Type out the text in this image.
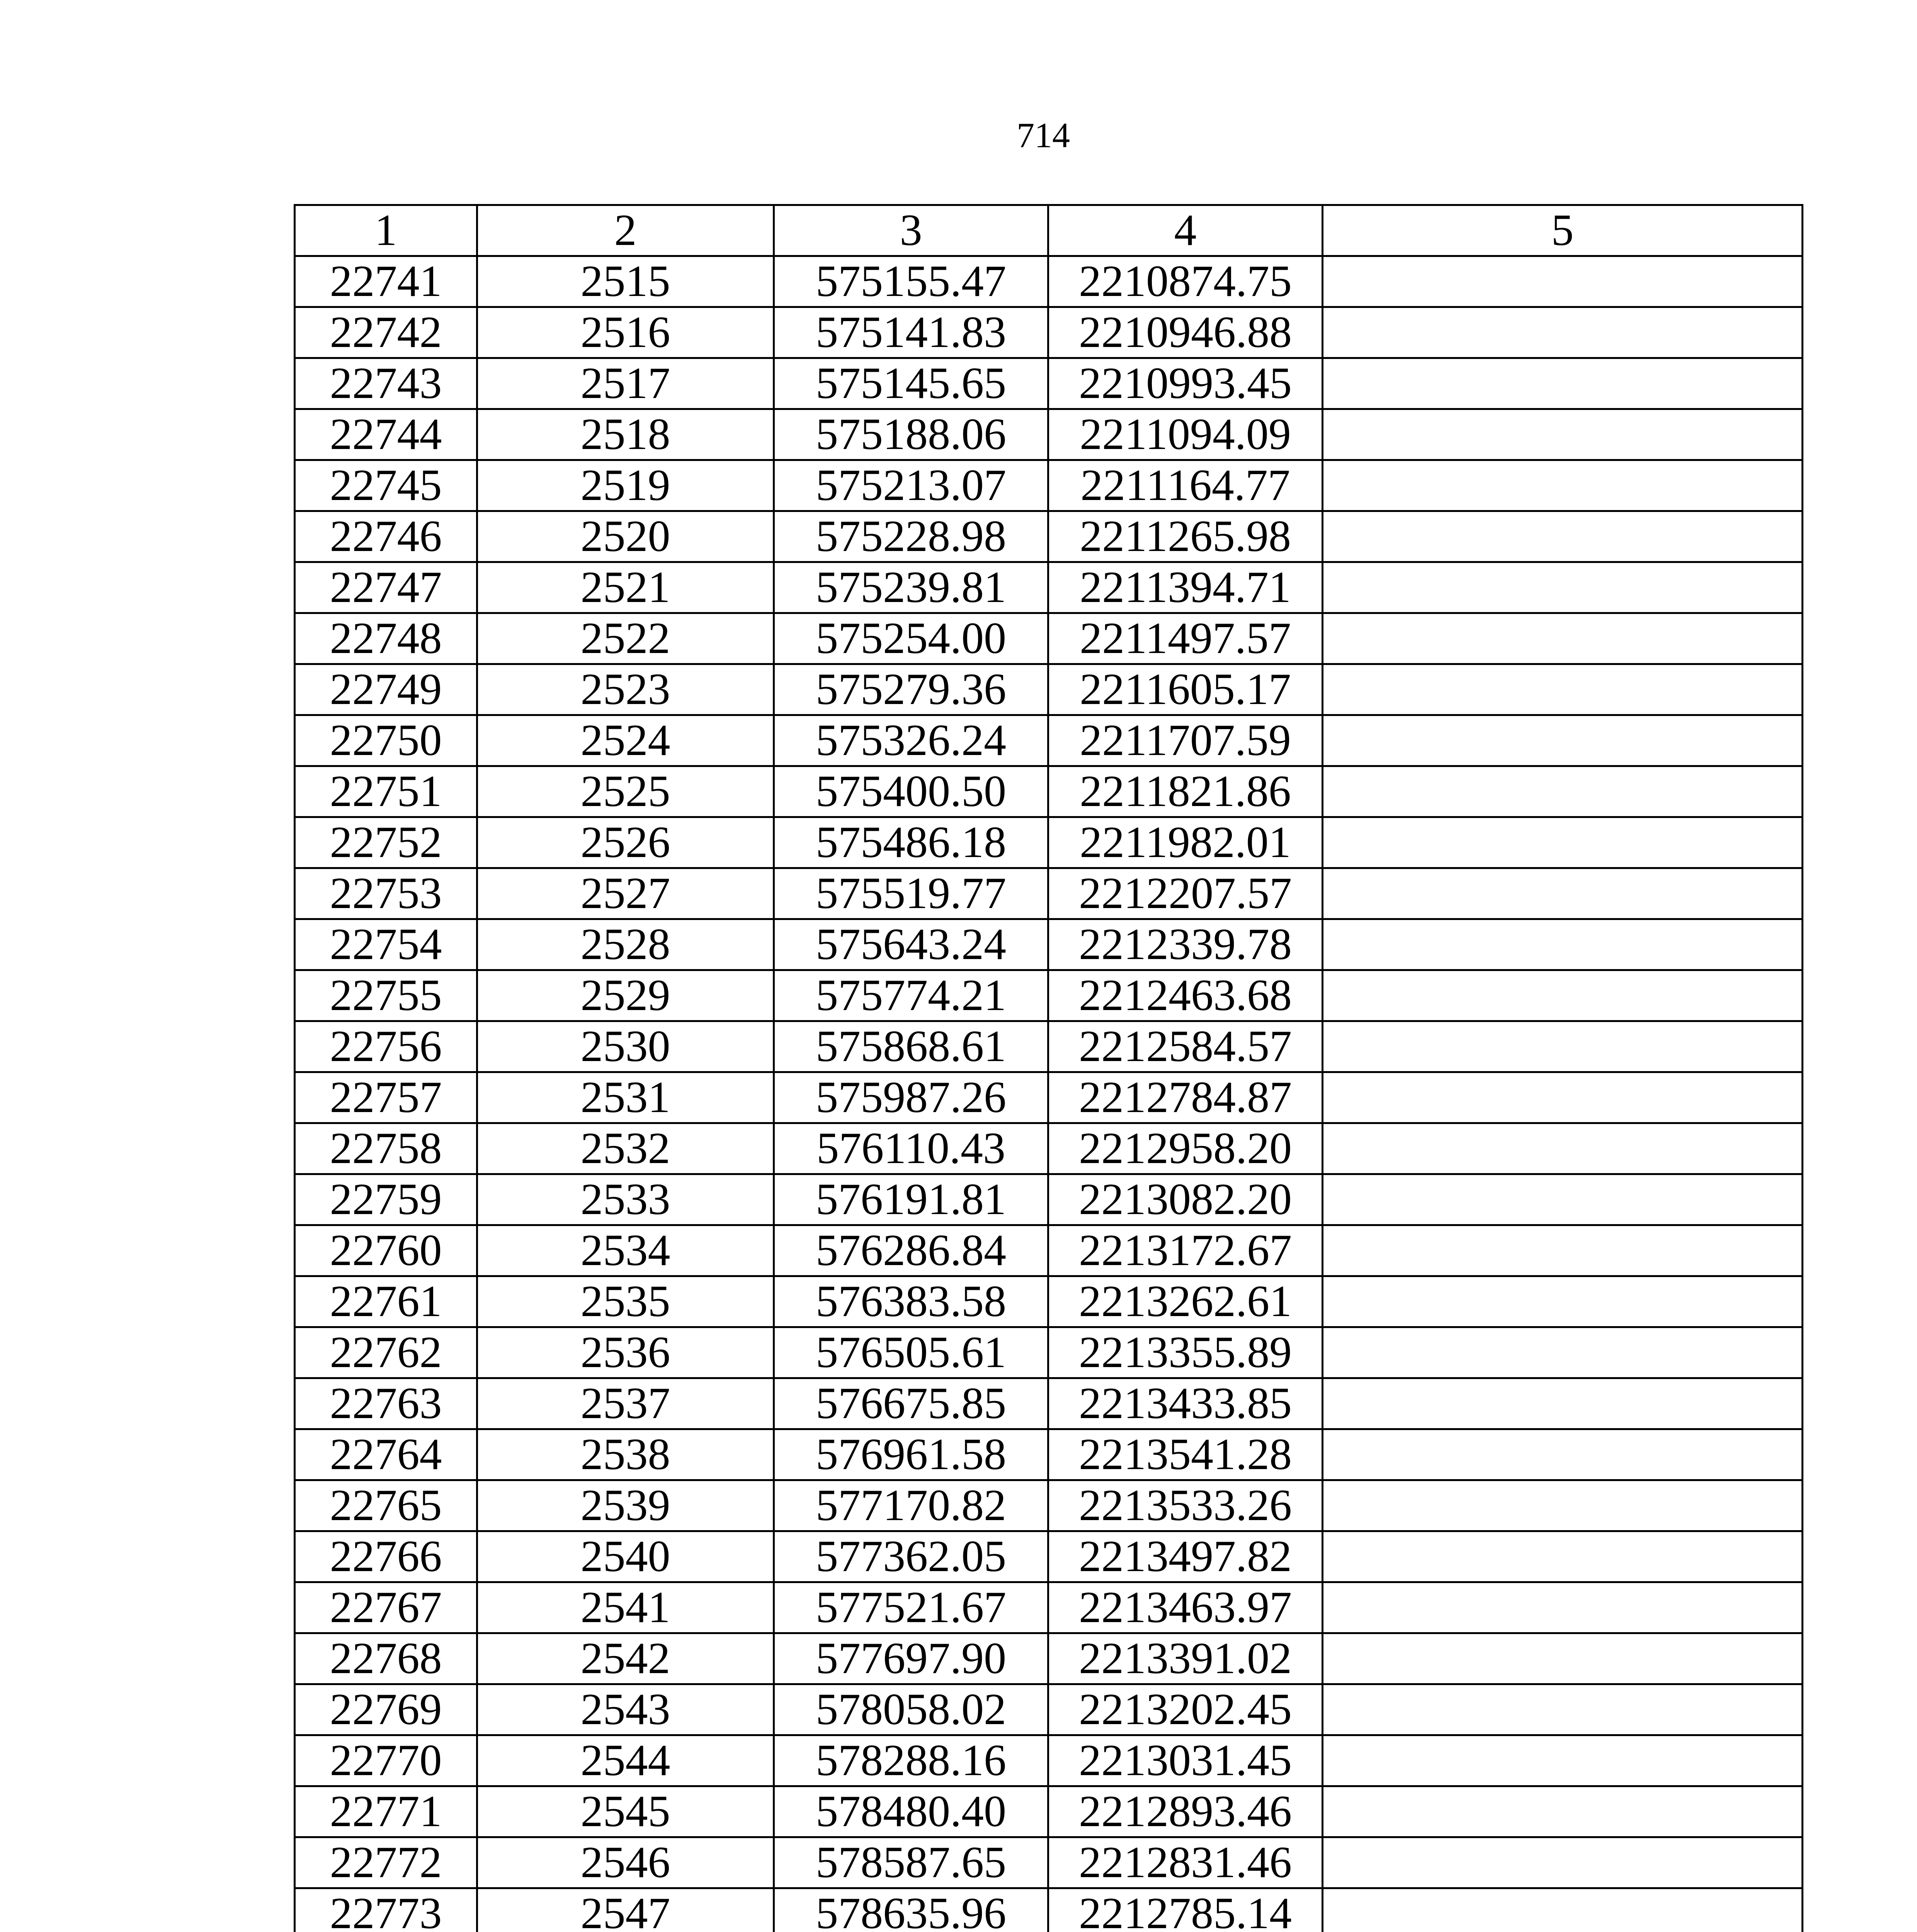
714
1	2	3	4	5
22741	2515	575155.47	2210874.75	
22742	2516	575141.83	2210946.88	
22743	2517	575145.65	2210993.45	
22744	2518	575188.06	2211094.09	
22745	2519	575213.07	2211164.77	
22746	2520	575228.98	2211265.98	
22747	2521	575239.81	2211394.71	
22748	2522	575254.00	2211497.57	
22749	2523	575279.36	2211605.17	
22750	2524	575326.24	2211707.59	
22751	2525	575400.50	2211821.86	
22752	2526	575486.18	2211982.01	
22753	2527	575519.77	2212207.57	
22754	2528	575643.24	2212339.78	
22755	2529	575774.21	2212463.68	
22756	2530	575868.61	2212584.57	
22757	2531	575987.26	2212784.87	
22758	2532	576110.43	2212958.20	
22759	2533	576191.81	2213082.20	
22760	2534	576286.84	2213172.67	
22761	2535	576383.58	2213262.61	
22762	2536	576505.61	2213355.89	
22763	2537	576675.85	2213433.85	
22764	2538	576961.58	2213541.28	
22765	2539	577170.82	2213533.26	
22766	2540	577362.05	2213497.82	
22767	2541	577521.67	2213463.97	
22768	2542	577697.90	2213391.02	
22769	2543	578058.02	2213202.45	
22770	2544	578288.16	2213031.45	
22771	2545	578480.40	2212893.46	
22772	2546	578587.65	2212831.46	
22773	2547	578635.96	2212785.14	
